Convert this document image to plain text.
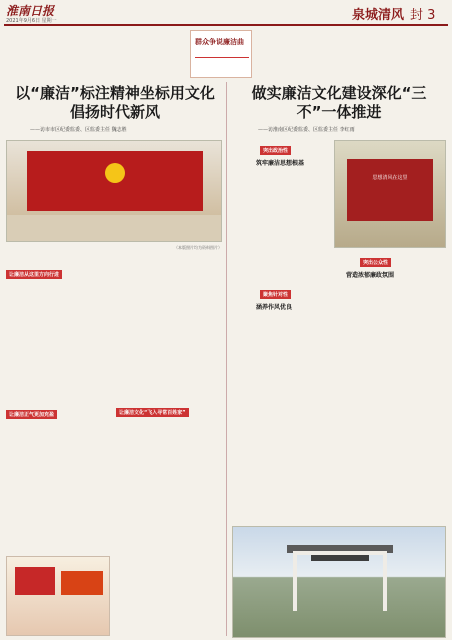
淮南日报
2021年9月6日 星期一	泉城清风 封 3
群众争说廉洁曲
以“廉洁”标注精神坐标用文化倡扬时代新风
——访市市区纪委监委、区监委主任 魏志胜
做实廉洁文化建设深化“三不”一体推进
——访淮南区纪委监委、区监委主任 李红雨
（本版照片均为资料图片）
让廉洁从这里方向行进
让廉洁正气更加充盈	让廉洁文化“飞入寻常百姓家”
突出政治性
筑牢廉洁思想根基
思想清风在这里
聚焦针对性
涵养作风优良
突出公众性
营造浓郁廉政氛围
